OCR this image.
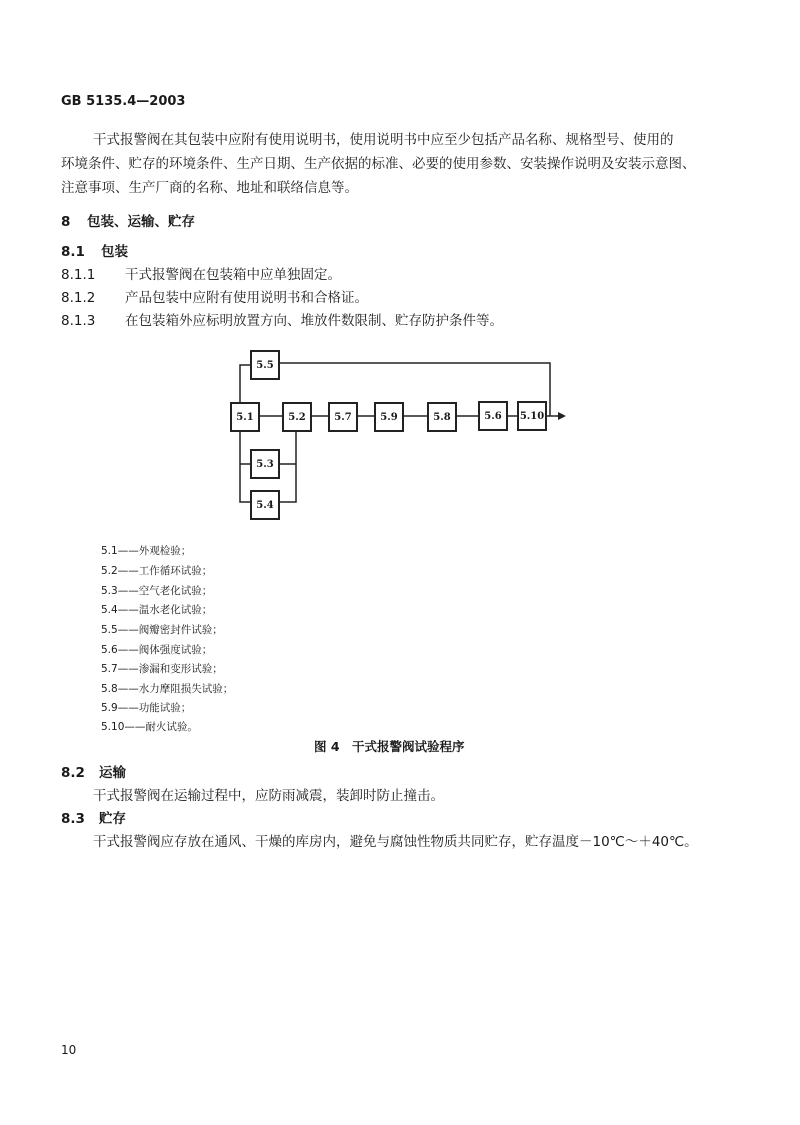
GB 5135.4—2003
干式报警阀在其包装中应附有使用说明书，使用说明书中应至少包括产品名称、规格型号、使用的
环境条件、贮存的环境条件、生产日期、生产依据的标准、必要的使用参数、安装操作说明及安装示意图、
注意事项、生产厂商的名称、地址和联络信息等。
8 包装、运输、贮存
8.1 包装
8.1.1 干式报警阀在包装箱中应单独固定。
8.1.2 产品包装中应附有使用说明书和合格证。
8.1.3 在包装箱外应标明放置方向、堆放件数限制、贮存防护条件等。
5.5
5.1	5.2	5.7	5.9	5.8	5.6	5.10
5.3
5.4
5.1——外观检验；
5.2——工作循环试验；
5.3——空气老化试验；
5.4——温水老化试验；
5.5——阀瓣密封件试验；
5.6——阀体强度试验；
5.7——渗漏和变形试验；
5.8——水力摩阻损失试验；
5.9——功能试验；
5.10——耐火试验。
图 4　干式报警阀试验程序
8.2 运输
干式报警阀在运输过程中，应防雨减震，装卸时防止撞击。
8.3 贮存
干式报警阀应存放在通风、干燥的库房内，避免与腐蚀性物质共同贮存，贮存温度－10℃～＋40℃。
10
